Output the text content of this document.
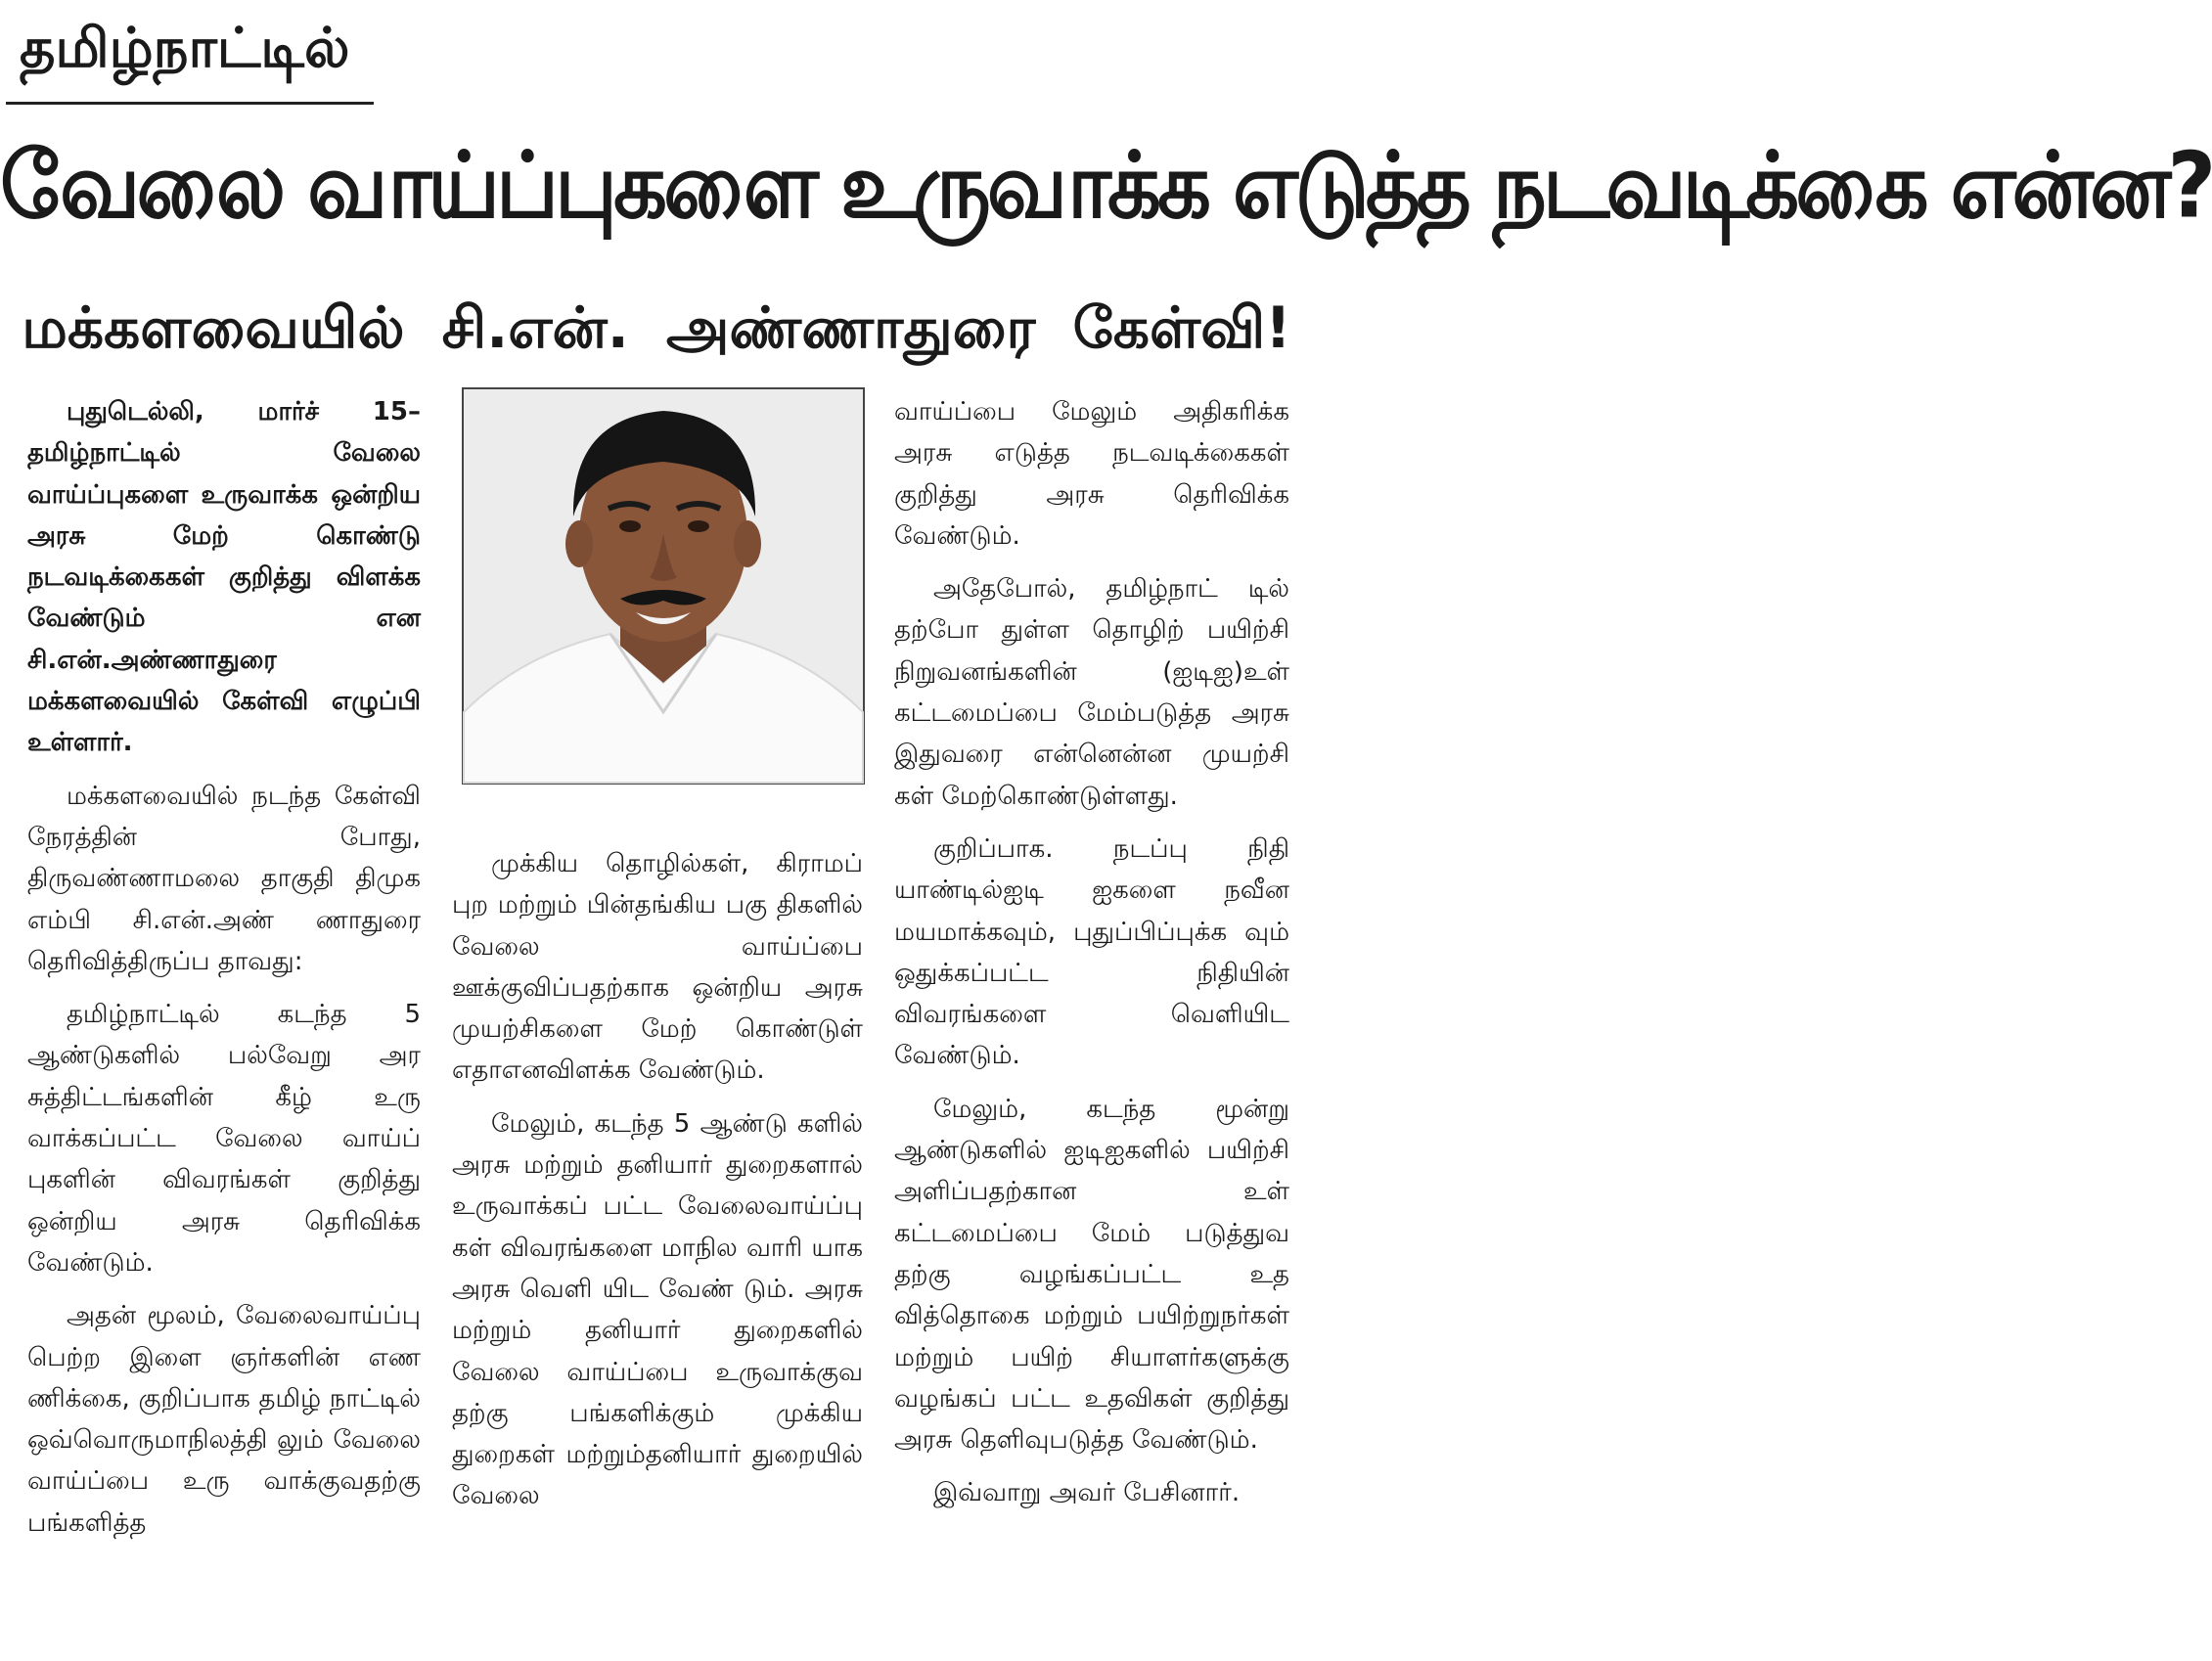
தமிழ்நாட்டில்
வேலை வாய்ப்புகளை உருவாக்க எடுத்த நடவடிக்கை என்ன?
மக்களவையில் சி.என். அண்ணாதுரை கேள்வி!

புதுடெல்லி, மார்ச் 15– தமிழ்நாட்டில் வேலை வாய்ப்புகளை உருவாக்க ஒன்றிய அரசு மேற் கொண்டு நடவடிக்கைகள் குறித்து விளக்க வேண்டும் என சி.என்.அண்ணாதுரை மக்களவையில் கேள்வி எழுப்பி உள்ளார்.

மக்களவையில் நடந்த கேள்வி நேரத்தின் போது, திருவண்ணாமலை தாகுதி திமுக எம்பி சி.என்.அண் ணாதுரை தெரிவித்திருப்ப தாவது:

தமிழ்நாட்டில் கடந்த 5 ஆண்டுகளில் பல்வேறு அர சுத்திட்டங்களின் கீழ் உரு வாக்கப்பட்ட வேலை வாய்ப் புகளின் விவரங்கள் குறித்து ஒன்றிய அரசு தெரிவிக்க வேண்டும்.

அதன் மூலம், வேலைவாய்ப்பு பெற்ற இளை ஞர்களின் எண ணிக்கை, குறிப்பாக தமிழ் நாட்டில் ஒவ்வொருமாநிலத்தி லும் வேலை வாய்ப்பை உரு வாக்குவதற்கு பங்களித்த

முக்கிய தொழில்கள், கிராமப் புற மற்றும் பின்தங்கிய பகு திகளில் வேலை வாய்ப்பை ஊக்குவிப்பதற்காக ஒன்றிய அரசு முயற்சிகளை மேற் கொண்டுள் எதாஎனவிளக்க வேண்டும்.

மேலும், கடந்த 5 ஆண்டு களில் அரசு மற்றும் தனியார் துறைகளால் உருவாக்கப் பட்ட வேலைவாய்ப்பு கள் விவரங்களை மாநில வாரி யாக அரசு வெளி யிட வேண் டும். அரசு மற்றும் தனியார் துறைகளில் வேலை வாய்ப்பை உருவாக்குவ தற்கு பங்களிக்கும் முக்கிய துறைகள் மற்றும்தனியார் துறையில் வேலை

வாய்ப்பை மேலும் அதிகரிக்க அரசு எடுத்த நடவடிக்கைகள் குறித்து அரசு தெரிவிக்க வேண்டும்.

அதேபோல், தமிழ்நாட் டில் தற்போ துள்ள தொழிற் பயிற்சி நிறுவனங்களின் (ஐடிஐ)உள் கட்டமைப்பை மேம்படுத்த அரசு இதுவரை என்னென்ன முயற்சி கள் மேற்கொண்டுள்ளது.

குறிப்பாக. நடப்பு நிதி யாண்டில்ஐடி ஐகளை நவீன மயமாக்கவும், புதுப்பிப்புக்க வும் ஒதுக்கப்பட்ட நிதியின் விவரங்களை வெளியிட வேண்டும்.

மேலும், கடந்த மூன்று ஆண்டுகளில் ஐடிஐகளில் பயிற்சி அளிப்பதற்கான உள் கட்டமைப்பை மேம் படுத்துவ தற்கு வழங்கப்பட்ட உத வித்தொகை மற்றும் பயிற்றுநர்கள் மற்றும் பயிற் சியாளர்களுக்கு வழங்கப் பட்ட உதவிகள் குறித்து அரசு தெளிவுபடுத்த வேண்டும்.

இவ்வாறு அவர் பேசினார்.
